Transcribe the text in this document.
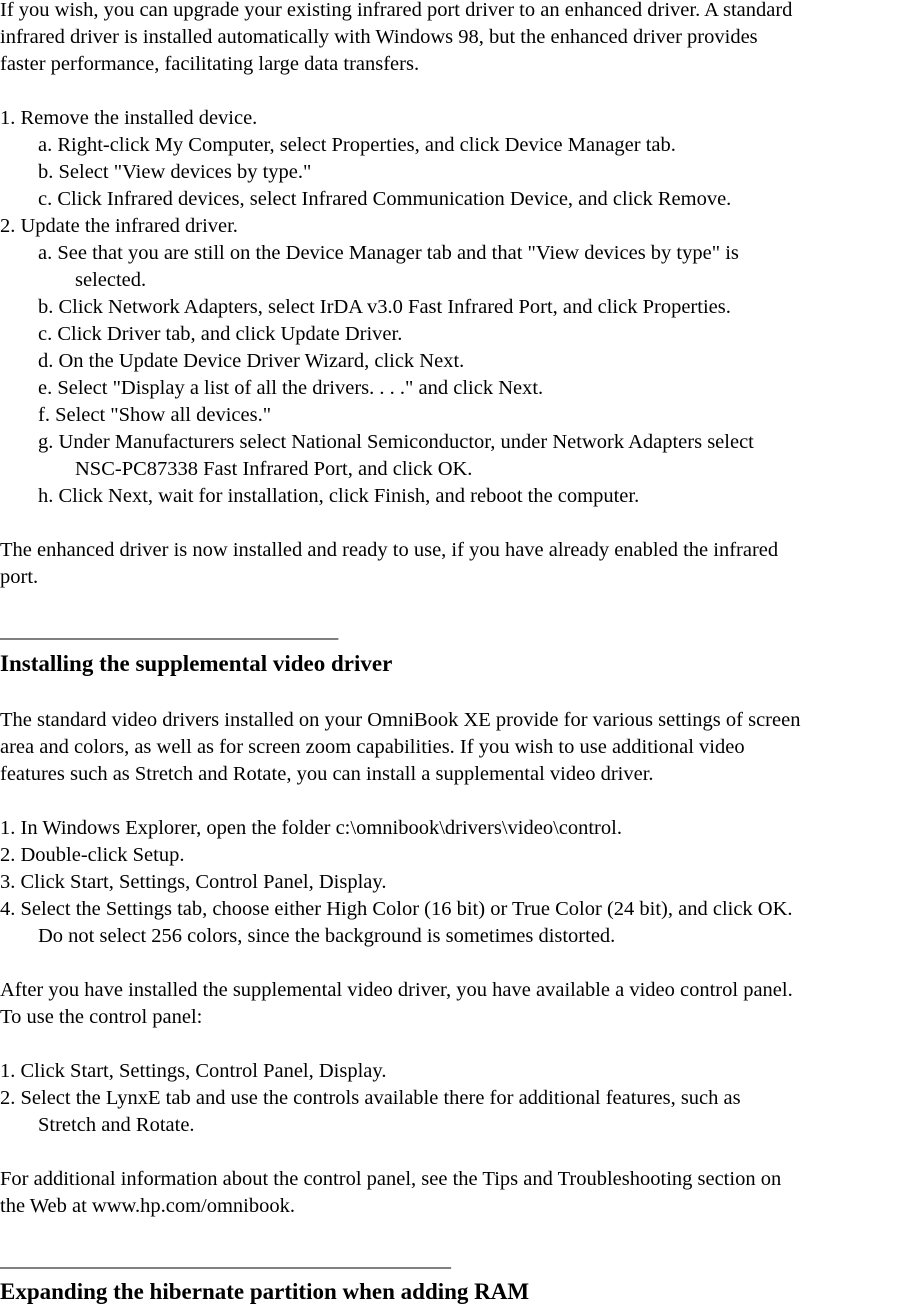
If you wish, you can upgrade your existing infrared port driver to an enhanced driver. A standard
infrared driver is installed automatically with Windows 98, but the enhanced driver provides
faster performance, facilitating large data transfers.
1. Remove the installed device.
a. Right-click My Computer, select Properties, and click Device Manager tab.
b. Select "View devices by type."
c. Click Infrared devices, select Infrared Communication Device, and click Remove.
2. Update the infrared driver.
a. See that you are still on the Device Manager tab and that "View devices by type" is
selected.
b. Click Network Adapters, select IrDA v3.0 Fast Infrared Port, and click Properties.
c. Click Driver tab, and click Update Driver.
d. On the Update Device Driver Wizard, click Next.
e. Select "Display a list of all the drivers. . . ." and click Next.
f. Select "Show all devices."
g. Under Manufacturers select National Semiconductor, under Network Adapters select
NSC-PC87338 Fast Infrared Port, and click OK.
h. Click Next, wait for installation, click Finish, and reboot the computer.
The enhanced driver is now installed and ready to use, if you have already enabled the infrared
port.
_________________________________
Installing the supplemental video driver
The standard video drivers installed on your OmniBook XE provide for various settings of screen
area and colors, as well as for screen zoom capabilities. If you wish to use additional video
features such as Stretch and Rotate, you can install a supplemental video driver.
1. In Windows Explorer, open the folder c:\omnibook\drivers\video\control.
2. Double-click Setup.
3. Click Start, Settings, Control Panel, Display.
4. Select the Settings tab, choose either High Color (16 bit) or True Color (24 bit), and click OK.
Do not select 256 colors, since the background is sometimes distorted.
After you have installed the supplemental video driver, you have available a video control panel.
To use the control panel:
1. Click Start, Settings, Control Panel, Display.
2. Select the LynxE tab and use the controls available there for additional features, such as
Stretch and Rotate.
For additional information about the control panel, see the Tips and Troubleshooting section on
the Web at www.hp.com/omnibook.
____________________________________________
Expanding the hibernate partition when adding RAM
